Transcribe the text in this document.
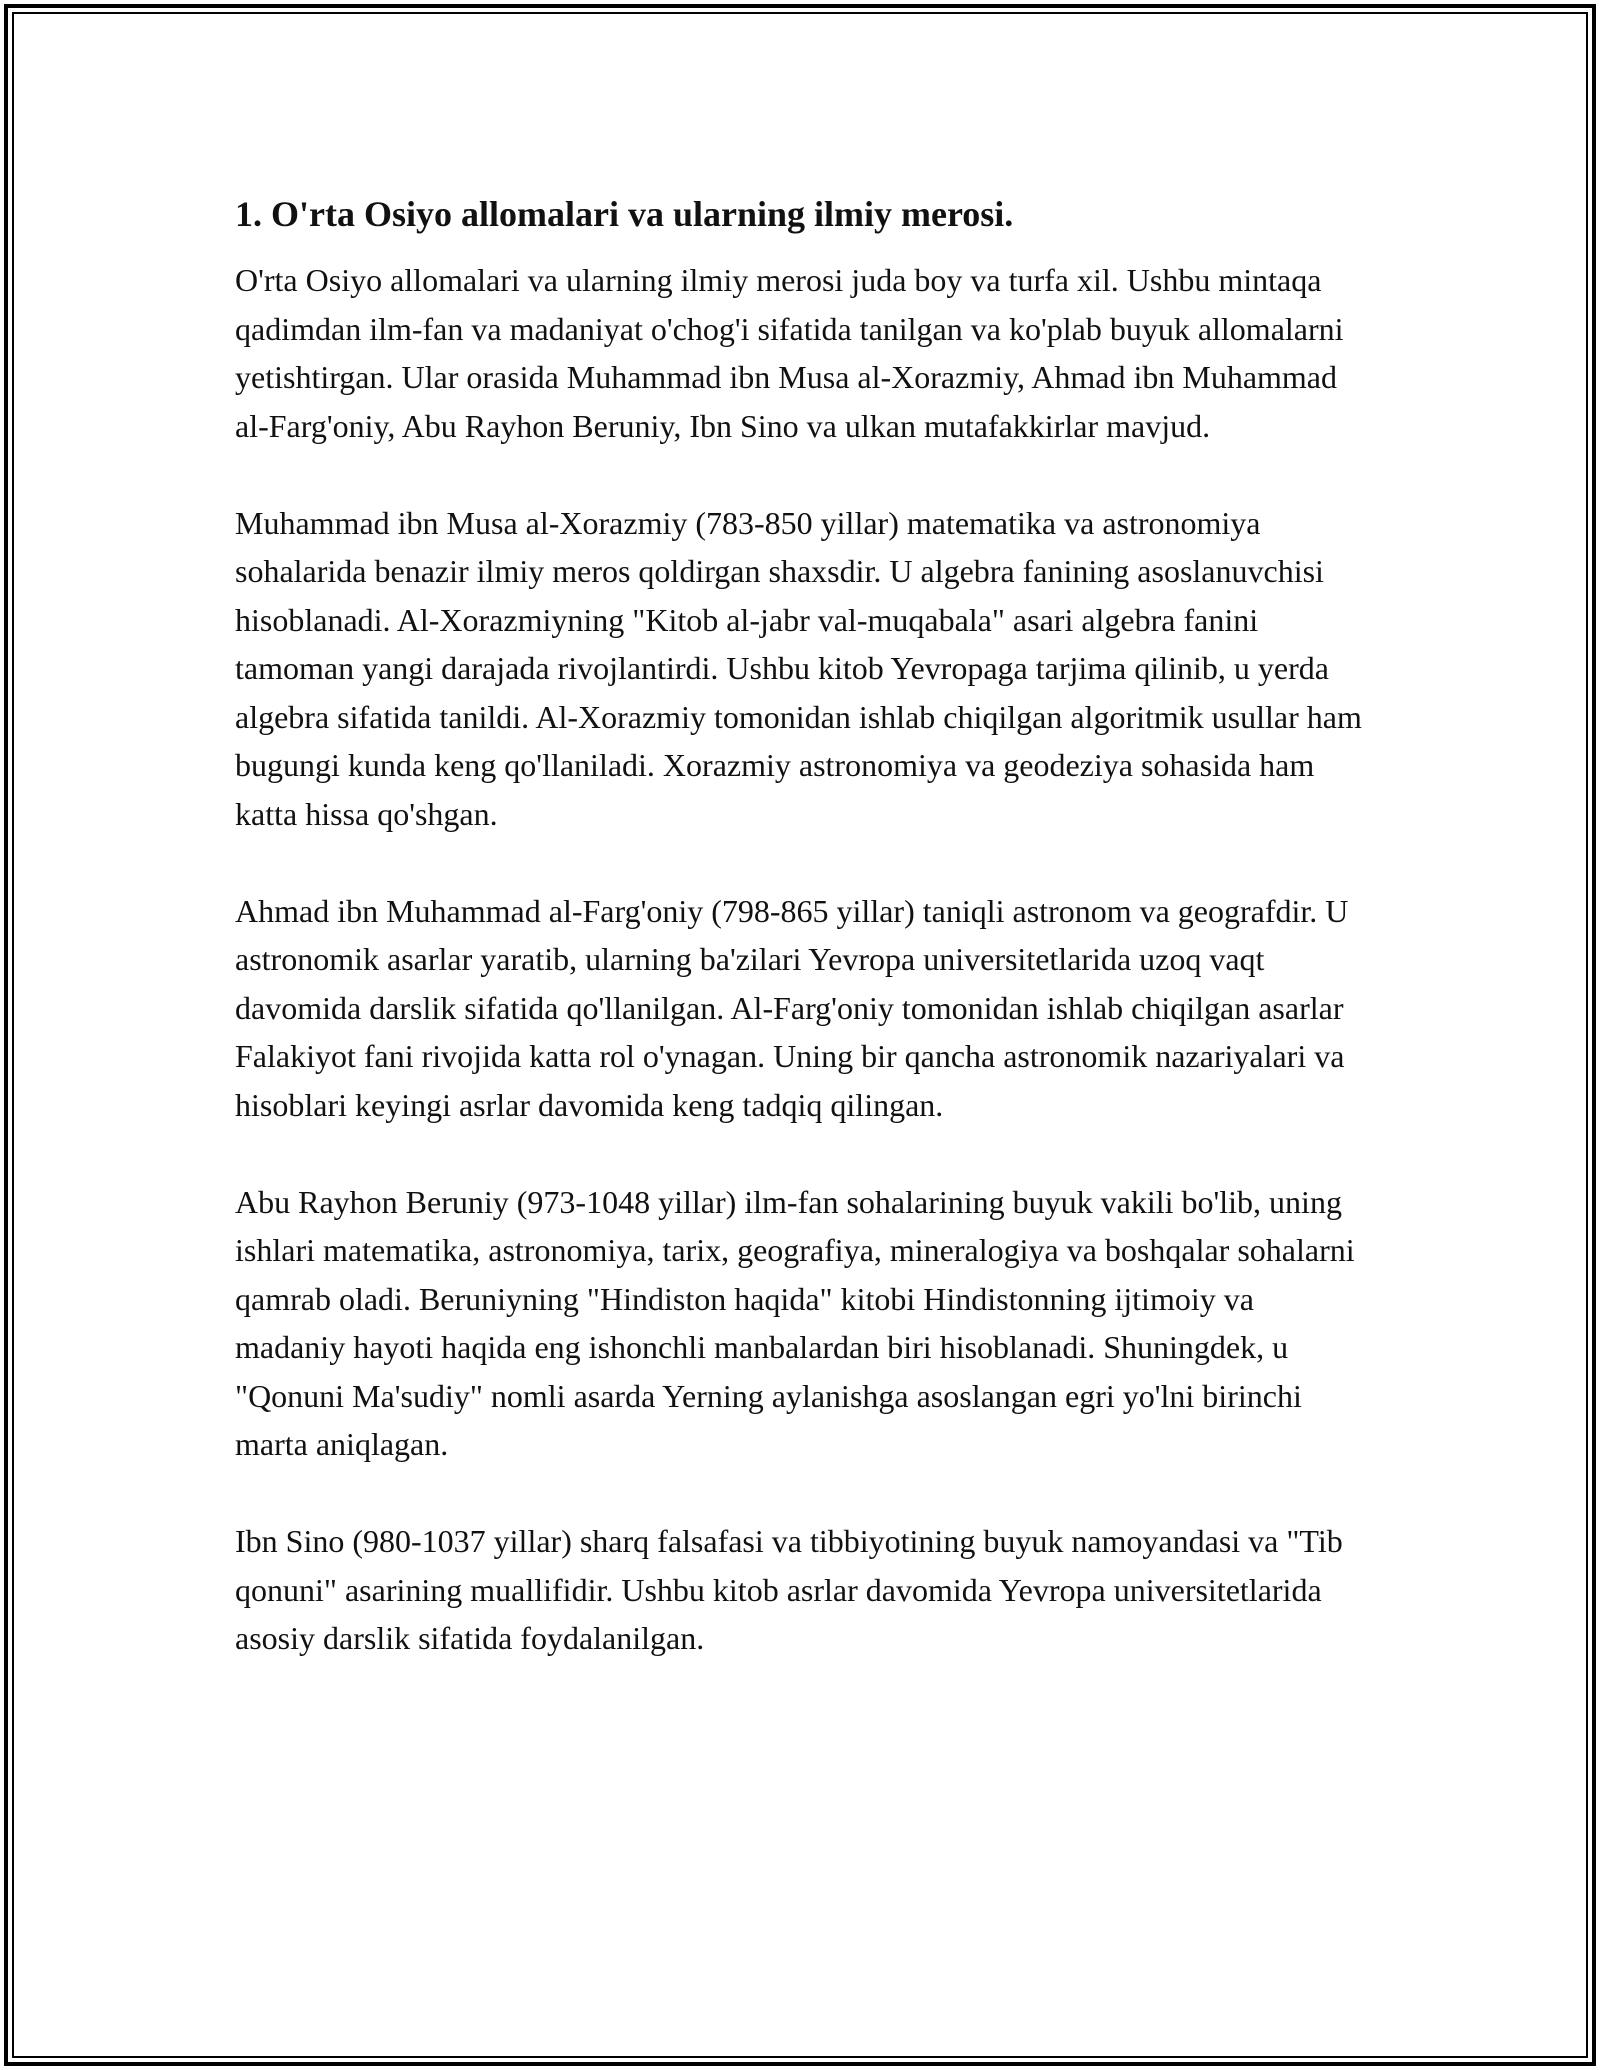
1. O'rta Osiyo allomalari va ularning ilmiy merosi.

O'rta Osiyo allomalari va ularning ilmiy merosi juda boy va turfa xil. Ushbu mintaqa qadimdan ilm-fan va madaniyat o'chog'i sifatida tanilgan va ko'plab buyuk allomalarni yetishtirgan. Ular orasida Muhammad ibn Musa al-Xorazmiy, Ahmad ibn Muhammad al-Farg'oniy, Abu Rayhon Beruniy, Ibn Sino va ulkan mutafakkirlar mavjud.

Muhammad ibn Musa al-Xorazmiy (783-850 yillar) matematika va astronomiya sohalarida benazir ilmiy meros qoldirgan shaxsdir. U algebra fanining asoslanuvchisi hisoblanadi. Al-Xorazmiyning "Kitob al-jabr val-muqabala" asari algebra fanini tamoman yangi darajada rivojlantirdi. Ushbu kitob Yevropaga tarjima qilinib, u yerda algebra sifatida tanildi. Al-Xorazmiy tomonidan ishlab chiqilgan algoritmik usullar ham bugungi kunda keng qo'llaniladi. Xorazmiy astronomiya va geodeziya sohasida ham katta hissa qo'shgan.

Ahmad ibn Muhammad al-Farg'oniy (798-865 yillar) taniqli astronom va geografdir. U astronomik asarlar yaratib, ularning ba'zilari Yevropa universitetlarida uzoq vaqt davomida darslik sifatida qo'llanilgan. Al-Farg'oniy tomonidan ishlab chiqilgan asarlar Falakiyot fani rivojida katta rol o'ynagan. Uning bir qancha astronomik nazariyalari va hisoblari keyingi asrlar davomida keng tadqiq qilingan.

Abu Rayhon Beruniy (973-1048 yillar) ilm-fan sohalarining buyuk vakili bo'lib, uning ishlari matematika, astronomiya, tarix, geografiya, mineralogiya va boshqalar sohalarni qamrab oladi. Beruniyning "Hindiston haqida" kitobi Hindistonning ijtimoiy va madaniy hayoti haqida eng ishonchli manbalardan biri hisoblanadi. Shuningdek, u "Qonuni Ma'sudiy" nomli asarda Yerning aylanishga asoslangan egri yo'lni birinchi marta aniqlagan.

Ibn Sino (980-1037 yillar) sharq falsafasi va tibbiyotining buyuk namoyandasi va "Tib qonuni" asarining muallifidir. Ushbu kitob asrlar davomida Yevropa universitetlarida asosiy darslik sifatida foydalanilgan.
